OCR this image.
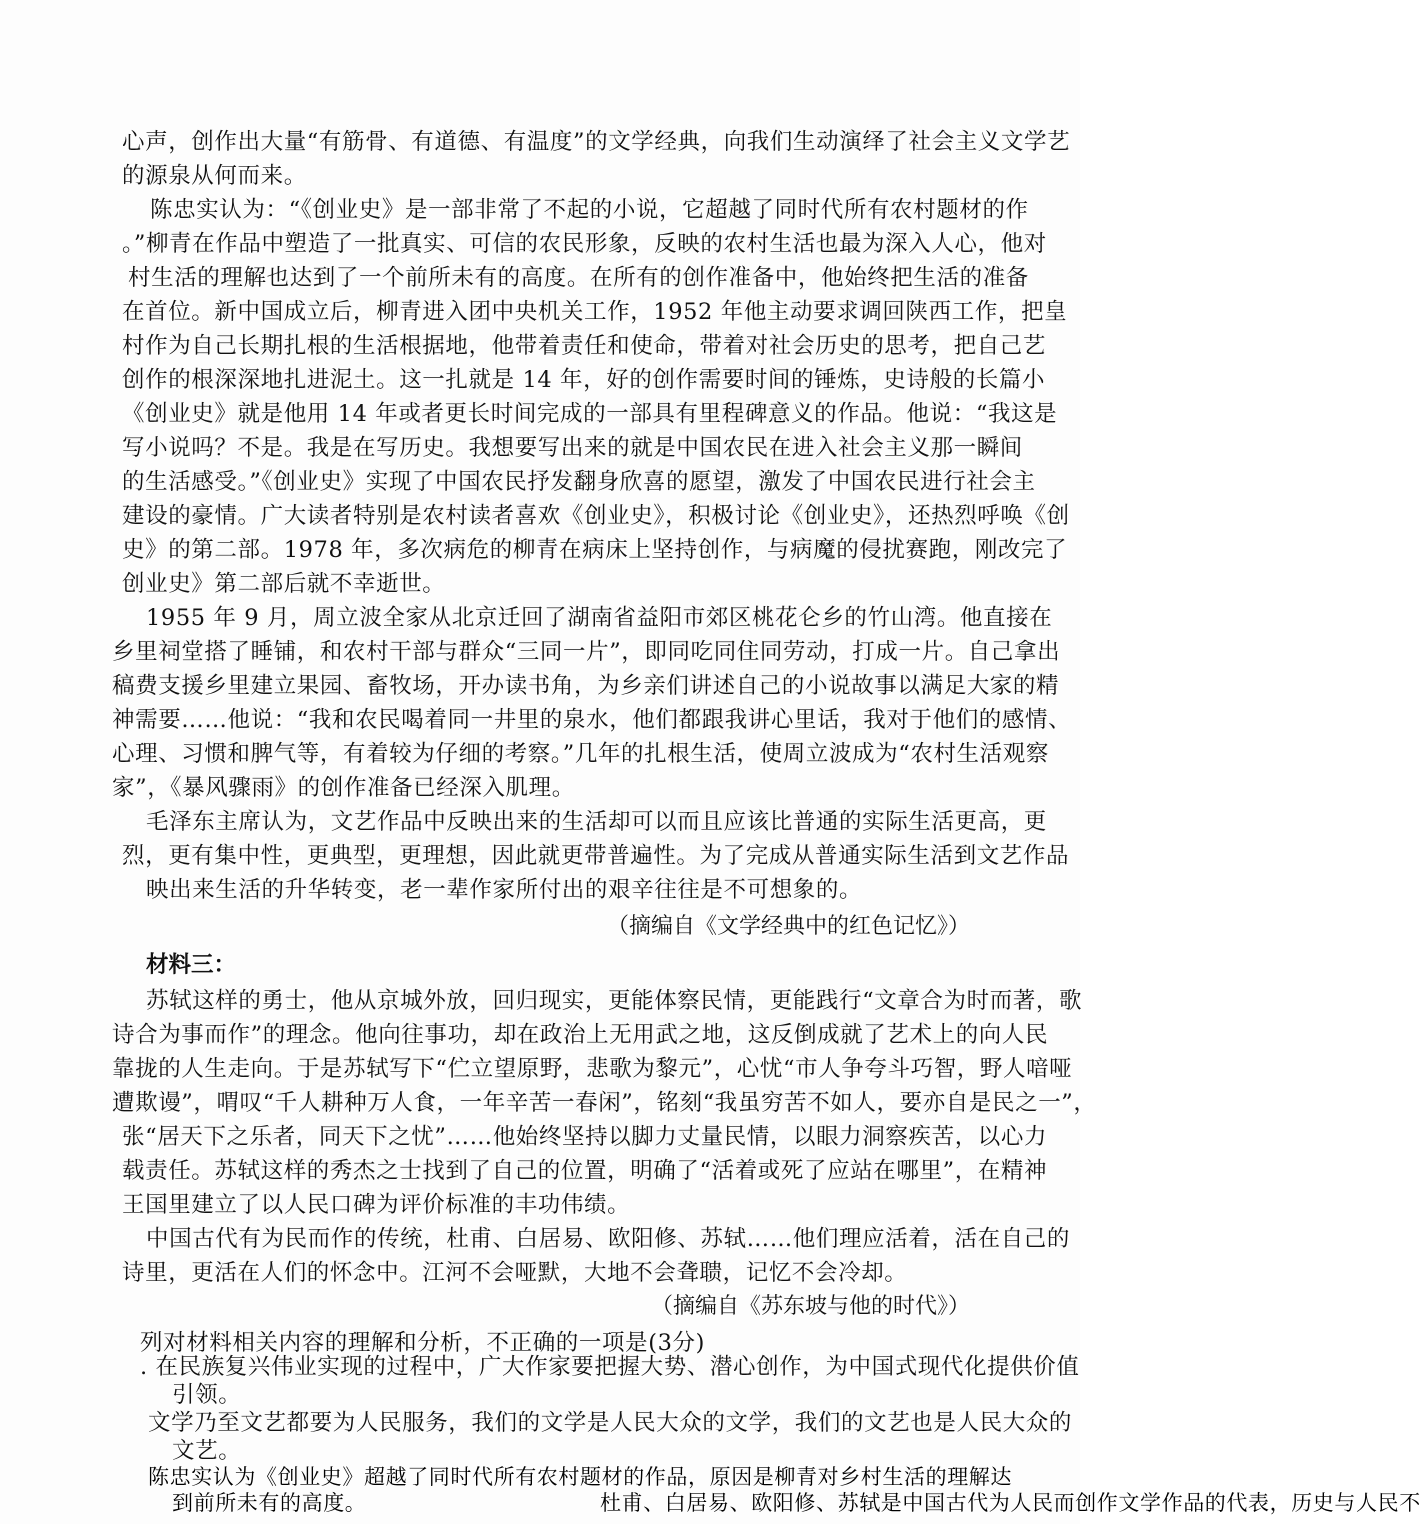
心声，创作出大量“有筋骨、有道德、有温度”的文学经典，向我们生动演绎了社会主义文学艺
的源泉从何而来。
陈忠实认为：“《创业史》是一部非常了不起的小说，它超越了同时代所有农村题材的作
。”柳青在作品中塑造了一批真实、可信的农民形象，反映的农村生活也最为深入人心，他对
村生活的理解也达到了一个前所未有的高度。在所有的创作准备中，他始终把生活的准备
在首位。新中国成立后，柳青进入团中央机关工作，1952 年他主动要求调回陕西工作，把皇
村作为自己长期扎根的生活根据地，他带着责任和使命，带着对社会历史的思考，把自己艺
创作的根深深地扎进泥土。这一扎就是 14 年，好的创作需要时间的锤炼，史诗般的长篇小
《创业史》就是他用 14 年或者更长时间完成的一部具有里程碑意义的作品。他说：“我这是
写小说吗？不是。我是在写历史。我想要写出来的就是中国农民在进入社会主义那一瞬间
的生活感受。”《创业史》实现了中国农民抒发翻身欣喜的愿望，激发了中国农民进行社会主
建设的豪情。广大读者特别是农村读者喜欢《创业史》，积极讨论《创业史》，还热烈呼唤《创
史》的第二部。1978 年，多次病危的柳青在病床上坚持创作，与病魔的侵扰赛跑，刚改完了
创业史》第二部后就不幸逝世。
1955 年 9 月，周立波全家从北京迁回了湖南省益阳市郊区桃花仑乡的竹山湾。他直接在
乡里祠堂搭了睡铺，和农村干部与群众“三同一片”，即同吃同住同劳动，打成一片。自己拿出
稿费支援乡里建立果园、畜牧场，开办读书角，为乡亲们讲述自己的小说故事以满足大家的精
神需要……他说：“我和农民喝着同一井里的泉水，他们都跟我讲心里话，我对于他们的感情、
心理、习惯和脾气等，有着较为仔细的考察。”几年的扎根生活，使周立波成为“农村生活观察
家”，《暴风骤雨》的创作准备已经深入肌理。
毛泽东主席认为，文艺作品中反映出来的生活却可以而且应该比普通的实际生活更高，更
烈，更有集中性，更典型，更理想，因此就更带普遍性。为了完成从普通实际生活到文艺作品
映出来生活的升华转变，老一辈作家所付出的艰辛往往是不可想象的。
（摘编自《文学经典中的红色记忆》）
材料三：
苏轼这样的勇士，他从京城外放，回归现实，更能体察民情，更能践行“文章合为时而著，歌
诗合为事而作”的理念。他向往事功，却在政治上无用武之地，这反倒成就了艺术上的向人民
靠拢的人生走向。于是苏轼写下“伫立望原野，悲歌为黎元”，心忧“市人争夸斗巧智，野人喑哑
遭欺谩”，喟叹“千人耕种万人食，一年辛苦一春闲”，铭刻“我虽穷苦不如人，要亦自是民之一”，
张“居天下之乐者，同天下之忧”……他始终坚持以脚力丈量民情，以眼力洞察疾苦，以心力
载责任。苏轼这样的秀杰之士找到了自己的位置，明确了“活着或死了应站在哪里”，在精神
王国里建立了以人民口碑为评价标准的丰功伟绩。
中国古代有为民而作的传统，杜甫、白居易、欧阳修、苏轼……他们理应活着，活在自己的
诗里，更活在人们的怀念中。江河不会哑默，大地不会聋聩，记忆不会冷却。
（摘编自《苏东坡与他的时代》）
列对材料相关内容的理解和分析，不正确的一项是(3分)
. 在民族复兴伟业实现的过程中，广大作家要把握大势、潜心创作，为中国式现代化提供价值
引领。
文学乃至文艺都要为人民服务，我们的文学是人民大众的文学，我们的文艺也是人民大众的
文艺。
陈忠实认为《创业史》超越了同时代所有农村题材的作品，原因是柳青对乡村生活的理解达
到前所未有的高度。	杜甫、白居易、欧阳修、苏轼是中国古代为人民而创作文学作品的代表，历史与人民不
